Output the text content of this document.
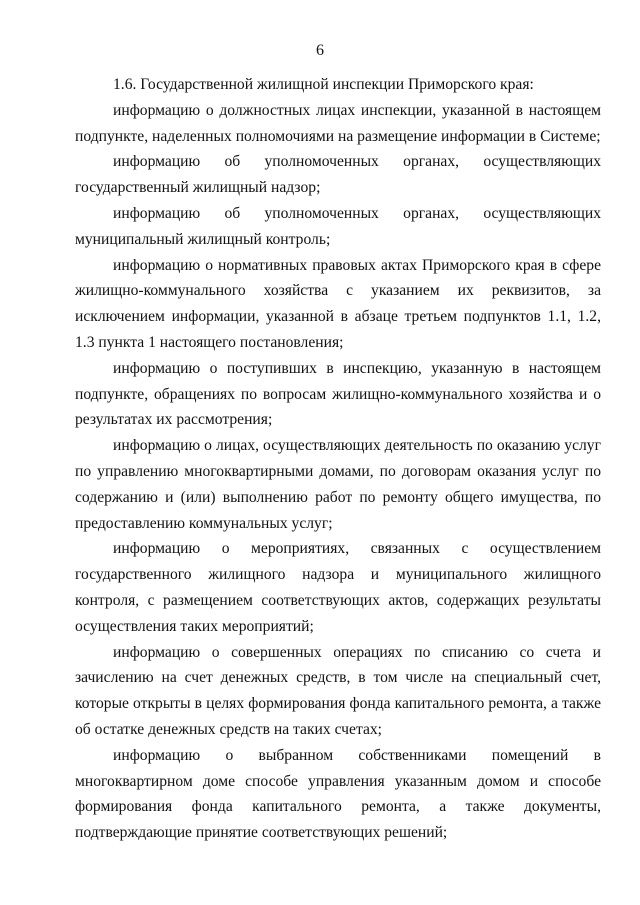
6

1.6. Государственной жилищной инспекции Приморского края:

информацию о должностных лицах инспекции, указанной в настоящем подпункте, наделенных полномочиями на размещение информации в Системе;

информацию об уполномоченных органах, осуществляющих государственный жилищный надзор;

информацию об уполномоченных органах, осуществляющих муниципальный жилищный контроль;

информацию о нормативных правовых актах Приморского края в сфере жилищно-коммунального хозяйства с указанием их реквизитов, за исключением информации, указанной в абзаце третьем подпунктов 1.1, 1.2, 1.3 пункта 1 настоящего постановления;

информацию о поступивших в инспекцию, указанную в настоящем подпункте, обращениях по вопросам жилищно-коммунального хозяйства и о результатах их рассмотрения;

информацию о лицах, осуществляющих деятельность по оказанию услуг по управлению многоквартирными домами, по договорам оказания услуг по содержанию и (или) выполнению работ по ремонту общего имущества, по предоставлению коммунальных услуг;

информацию о мероприятиях, связанных с осуществлением государственного жилищного надзора и муниципального жилищного контроля, с размещением соответствующих актов, содержащих результаты осуществления таких мероприятий;

информацию о совершенных операциях по списанию со счета и зачислению на счет денежных средств, в том числе на специальный счет, которые открыты в целях формирования фонда капитального ремонта, а также об остатке денежных средств на таких счетах;

информацию о выбранном собственниками помещений в многоквартирном доме способе управления указанным домом и способе формирования фонда капитального ремонта, а также документы, подтверждающие принятие соответствующих решений;
